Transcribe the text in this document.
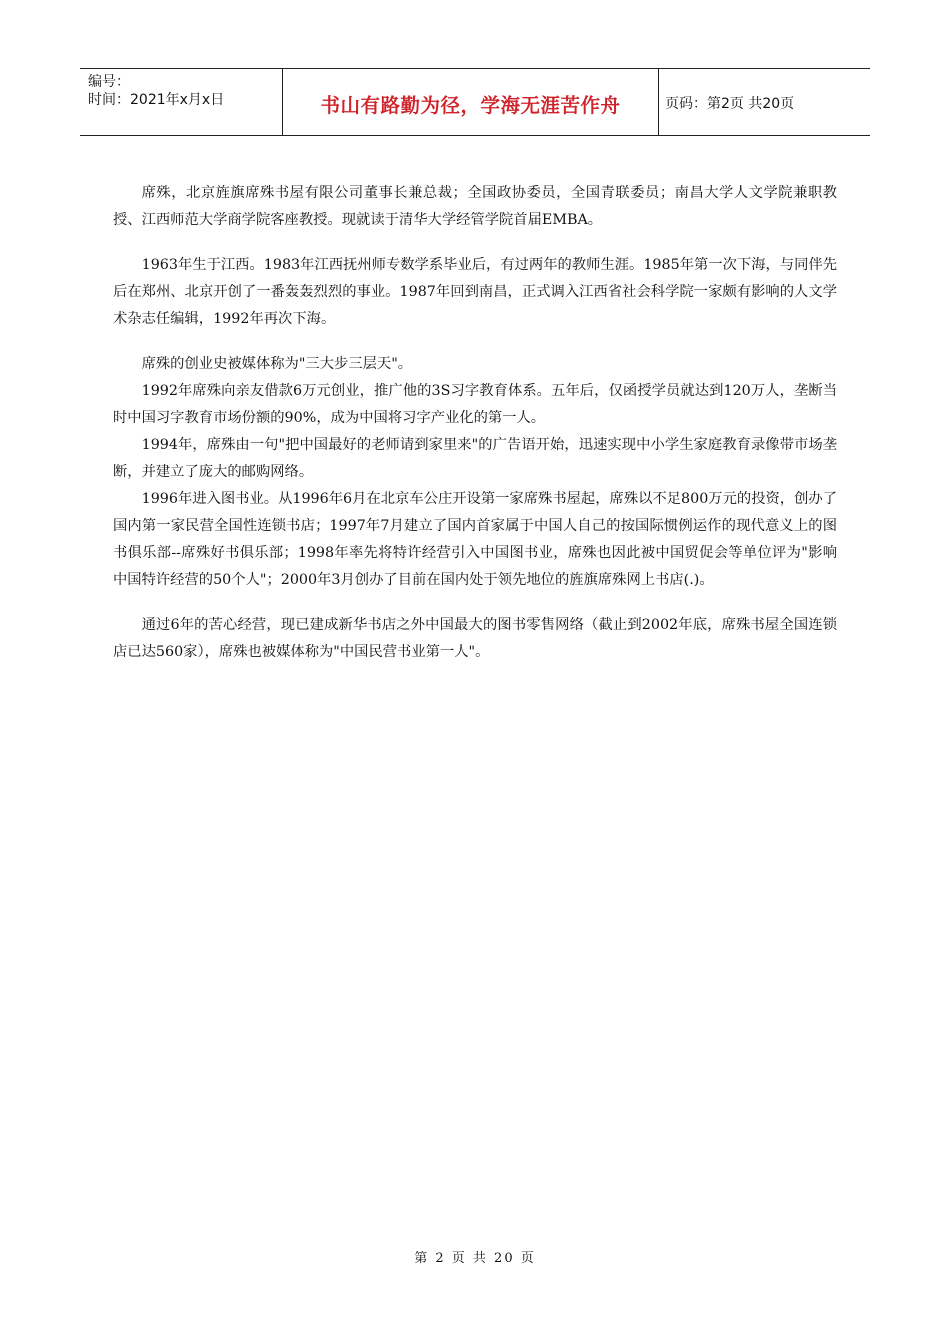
编号：
时间：2021年x月x日	书山有路勤为径，学海无涯苦作舟	页码：第2页 共20页

席殊，北京旌旗席殊书屋有限公司董事长兼总裁；全国政协委员，全国青联委员；南昌大学人文学院兼职教授、江西师范大学商学院客座教授。现就读于清华大学经管学院首届EMBA。

1963年生于江西。1983年江西抚州师专数学系毕业后，有过两年的教师生涯。1985年第一次下海，与同伴先后在郑州、北京开创了一番轰轰烈烈的事业。1987年回到南昌，正式调入江西省社会科学院一家颇有影响的人文学术杂志任编辑，1992年再次下海。

席殊的创业史被媒体称为"三大步三层天"。

1992年席殊向亲友借款6万元创业，推广他的3S习字教育体系。五年后，仅函授学员就达到120万人，垄断当时中国习字教育市场份额的90%，成为中国将习字产业化的第一人。

1994年，席殊由一句"把中国最好的老师请到家里来"的广告语开始，迅速实现中小学生家庭教育录像带市场垄断，并建立了庞大的邮购网络。

1996年进入图书业。从1996年6月在北京车公庄开设第一家席殊书屋起，席殊以不足800万元的投资，创办了国内第一家民营全国性连锁书店；1997年7月建立了国内首家属于中国人自己的按国际惯例运作的现代意义上的图书俱乐部--席殊好书俱乐部；1998年率先将特许经营引入中国图书业，席殊也因此被中国贸促会等单位评为"影响中国特许经营的50个人"；2000年3月创办了目前在国内处于领先地位的旌旗席殊网上书店(.)。

通过6年的苦心经营，现已建成新华书店之外中国最大的图书零售网络（截止到2002年底，席殊书屋全国连锁店已达560家），席殊也被媒体称为"中国民营书业第一人"。

第 2 页 共 20 页
